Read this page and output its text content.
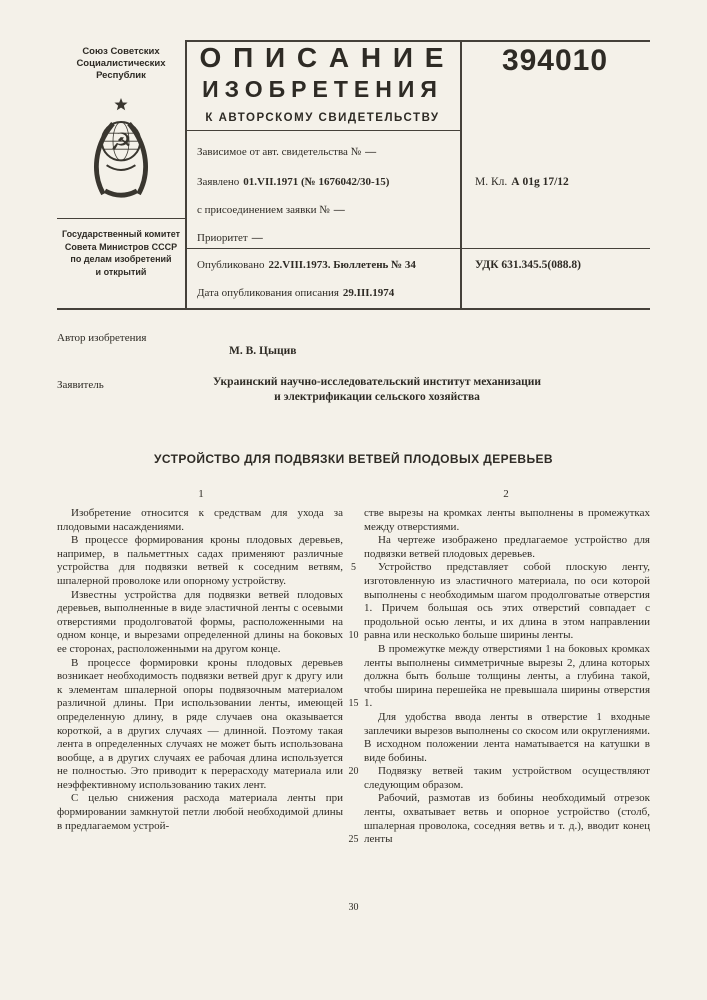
Союз Советских
Социалистических
Республик
☭
Государственный комитет
Совета Министров СССР
по делам изобретений
и открытий
О П И С А Н И Е
ИЗОБРЕТЕНИЯ
К АВТОРСКОМУ СВИДЕТЕЛЬСТВУ
Зависимое от авт. свидетельства № —
Заявлено 01.VII.1971 (№ 1676042/30-15)
с присоединением заявки № —
Приоритет —
Опубликовано 22.VIII.1973. Бюллетень № 34
Дата опубликования описания 29.III.1974
394010
М. Кл. А 01g 17/12
УДК 631.345.5(088.8)
Автор изобретения
М. В. Цыцив
Заявитель	Украинский научно-исследовательский институт механизации
и электрификации сельского хозяйства
УСТРОЙСТВО ДЛЯ ПОДВЯЗКИ ВЕТВЕЙ ПЛОДОВЫХ ДЕРЕВЬЕВ
1	2

Изобретение относится к средствам для ухода за плодовыми насаждениями.

В процессе формирования кроны плодовых деревьев, например, в пальметтных садах применяют различные устройства для подвязки ветвей к соседним ветвям, шпалерной проволоке или опорному устройству.

Известны устройства для подвязки ветвей плодовых деревьев, выполненные в виде эластичной ленты с осевыми отверстиями продолговатой формы, расположенными на одном конце, и вырезами определенной длины на боковых ее сторонах, расположенными на другом конце.

В процессе формировки кроны плодовых деревьев возникает необходимость подвязки ветвей друг к другу или к элементам шпалерной опоры подвязочным материалом различной длины. При использовании ленты, имеющей определенную длину, в ряде случаев она оказывается короткой, а в других случаях — длинной. Поэтому такая лента в определенных случаях не может быть использована вообще, а в других случаях ее рабочая длина используется не полностью. Это приводит к перерасходу материала или неэффективному использованию таких лент.

С целью снижения расхода материала ленты при формировании замкнутой петли любой необходимой длины в предлагаемом устрой-

5
10
15
20
25
30

стве вырезы на кромках ленты выполнены в промежутках между отверстиями.

На чертеже изображено предлагаемое устройство для подвязки ветвей плодовых деревьев.

Устройство представляет собой плоскую ленту, изготовленную из эластичного материала, по оси которой выполнены с необходимым шагом продолговатые отверстия 1. Причем большая ось этих отверстий совпадает с продольной осью ленты, и их длина в этом направлении равна или несколько больше ширины ленты.

В промежутке между отверстиями 1 на боковых кромках ленты выполнены симметричные вырезы 2, длина которых должна быть больше толщины ленты, а глубина такой, чтобы ширина перешейка не превышала ширины отверстия 1.

Для удобства ввода ленты в отверстие 1 входные заплечики вырезов выполнены со скосом или округлениями. В исходном положении лента наматывается на катушки в виде бобины.

Подвязку ветвей таким устройством осуществляют следующим образом.

Рабочий, размотав из бобины необходимый отрезок ленты, охватывает ветвь и опорное устройство (столб, шпалерная проволока, соседняя ветвь и т. д.), вводит конец ленты
